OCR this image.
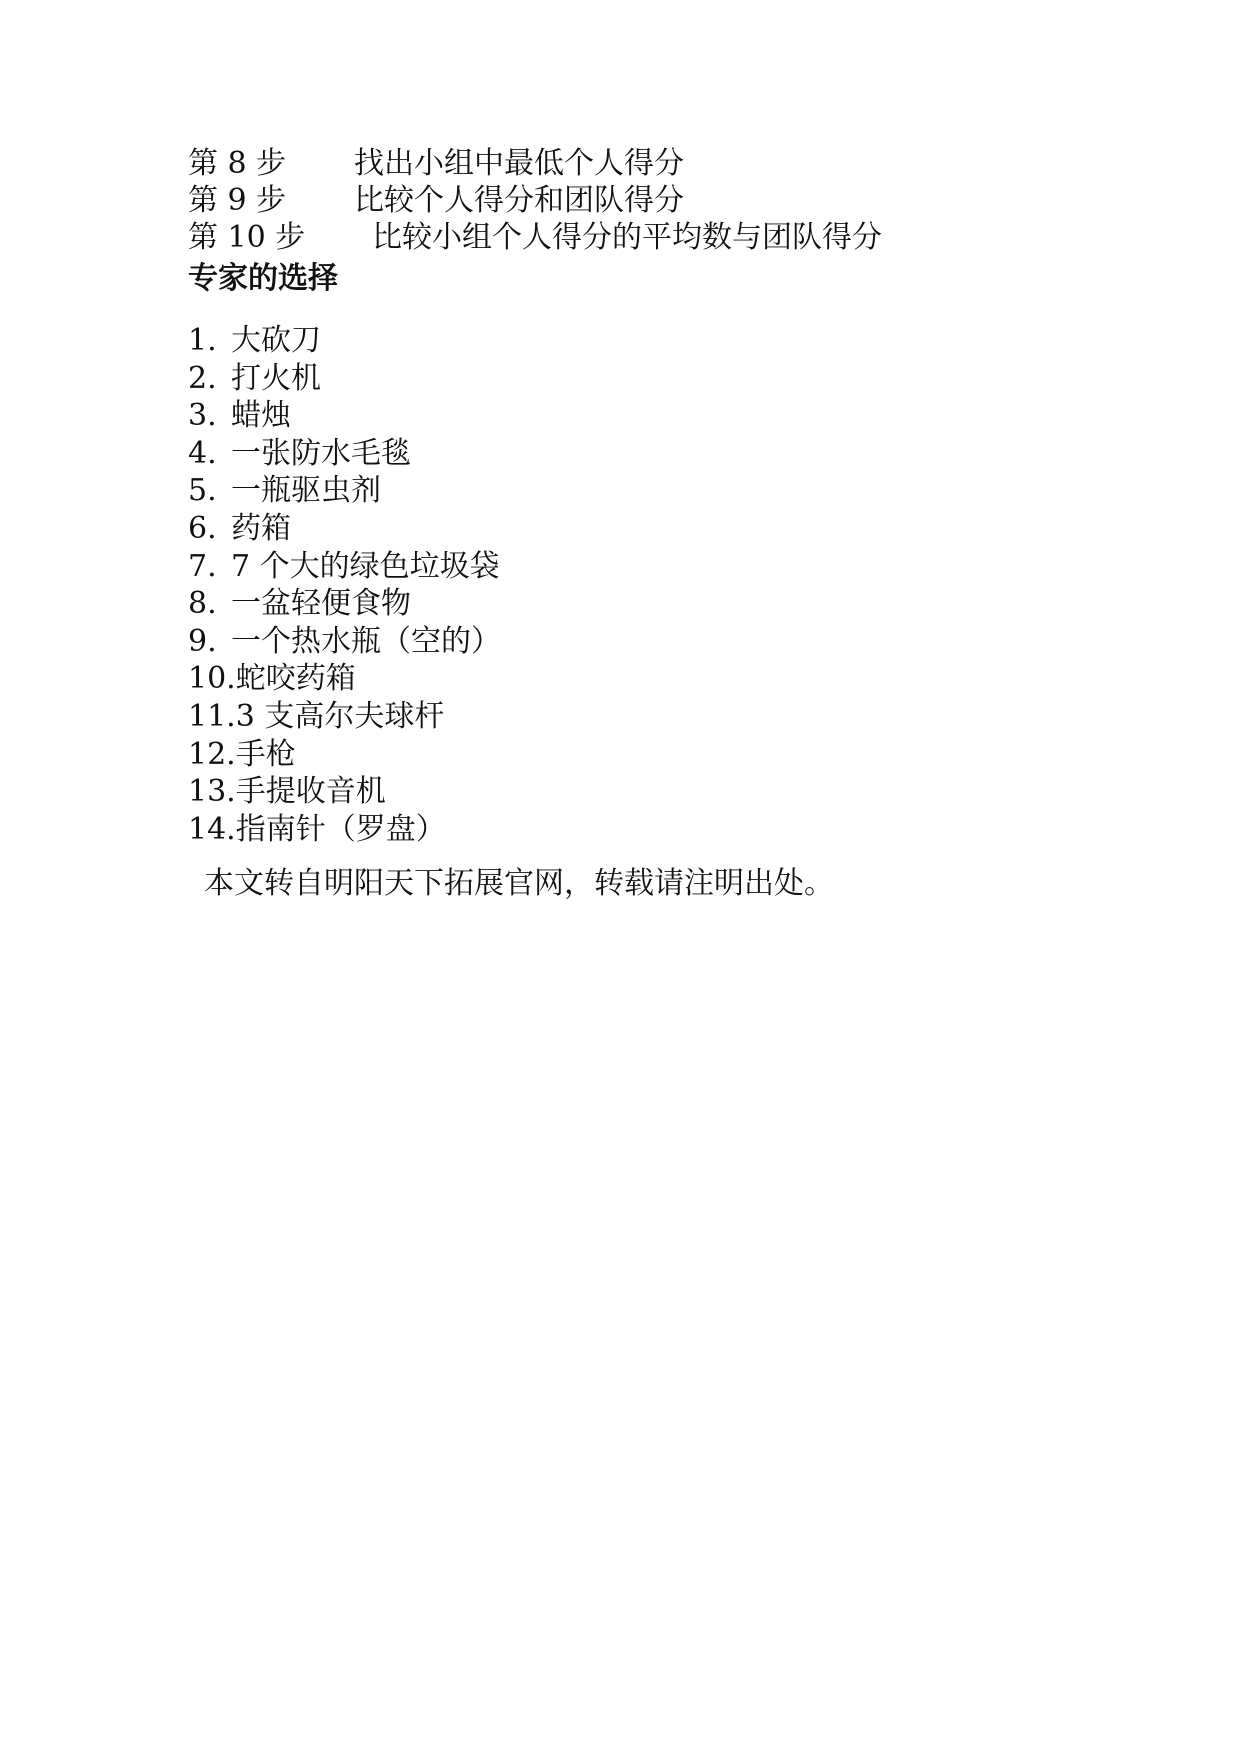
第 8 步 找出小组中最低个人得分
第 9 步 比较个人得分和团队得分
第 10 步 比较小组个人得分的平均数与团队得分
专家的选择
1. 大砍刀
2. 打火机
3. 蜡烛
4. 一张防水毛毯
5. 一瓶驱虫剂
6. 药箱
7. 7 个大的绿色垃圾袋
8. 一盆轻便食物
9. 一个热水瓶（空的）
10.蛇咬药箱
11.3 支高尔夫球杆
12.手枪
13.手提收音机
14.指南针（罗盘）
本文转自明阳天下拓展官网，转载请注明出处。
